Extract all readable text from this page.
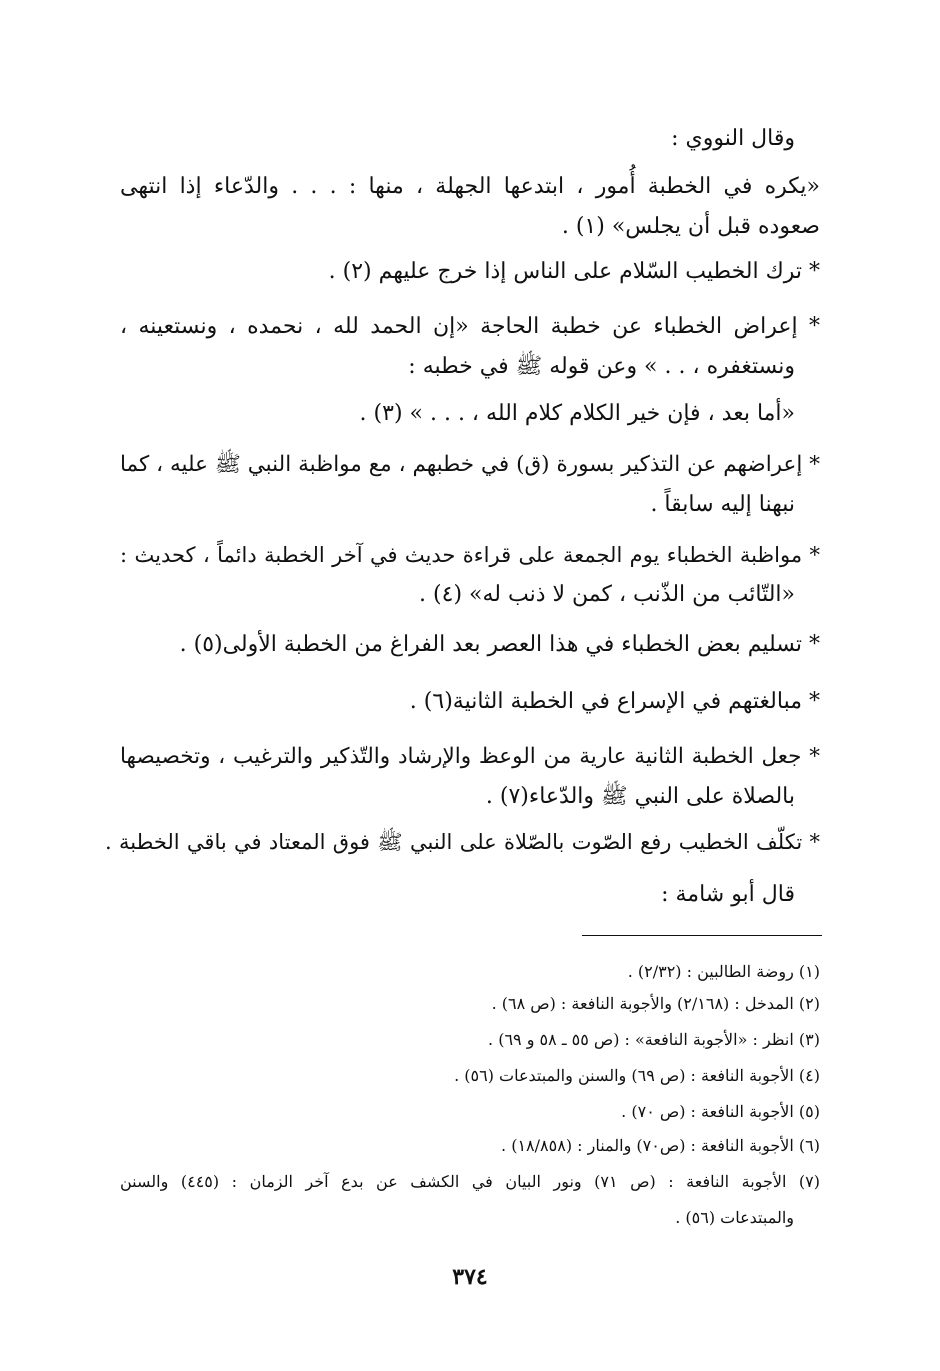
وقال النووي :
«يكره في الخطبة أُمور ، ابتدعها الجهلة ، منها : . . . والدّعاء إذا انتهى
صعوده قبل أن يجلس» (١) .
* ترك الخطيب السّلام على الناس إذا خرج عليهم (٢) .
* إعراض الخطباء عن خطبة الحاجة «إن الحمد لله ، نحمده ، ونستعينه ،
ونستغفره ، . . » وعن قوله ﷺ في خطبه :
«أما بعد ، فإن خير الكلام كلام الله ، . . . » (٣) .
* إعراضهم عن التذكير بسورة (ق) في خطبهم ، مع مواظبة النبي ﷺ عليه ، كما
نبهنا إليه سابقاً .
* مواظبة الخطباء يوم الجمعة على قراءة حديث في آخر الخطبة دائماً ، كحديث :
«التّائب من الذّنب ، كمن لا ذنب له» (٤) .
* تسليم بعض الخطباء في هذا العصر بعد الفراغ من الخطبة الأولى(٥) .
* مبالغتهم في الإسراع في الخطبة الثانية(٦) .
* جعل الخطبة الثانية عارية من الوعظ والإرشاد والتّذكير والترغيب ، وتخصيصها
بالصلاة على النبي ﷺ والدّعاء(٧) .
* تكلّف الخطيب رفع الصّوت بالصّلاة على النبي ﷺ فوق المعتاد في باقي الخطبة .
قال أبو شامة :
(١) روضة الطالبين : (٢/٣٢) .
(٢) المدخل : (٢/١٦٨) والأجوبة النافعة : (ص ٦٨) .
(٣) انظر : «الأجوبة النافعة» : (ص ٥٥ ـ ٥٨ و ٦٩) .
(٤) الأجوبة النافعة : (ص ٦٩) والسنن والمبتدعات (٥٦) .
(٥) الأجوبة النافعة : (ص ٧٠) .
(٦) الأجوبة النافعة : (ص٧٠) والمنار : (١٨/٨٥٨) .
(٧) الأجوبة النافعة : (ص ٧١) ونور البيان في الكشف عن بدع آخر الزمان : (٤٤٥) والسنن
والمبتدعات (٥٦) .
٣٧٤
